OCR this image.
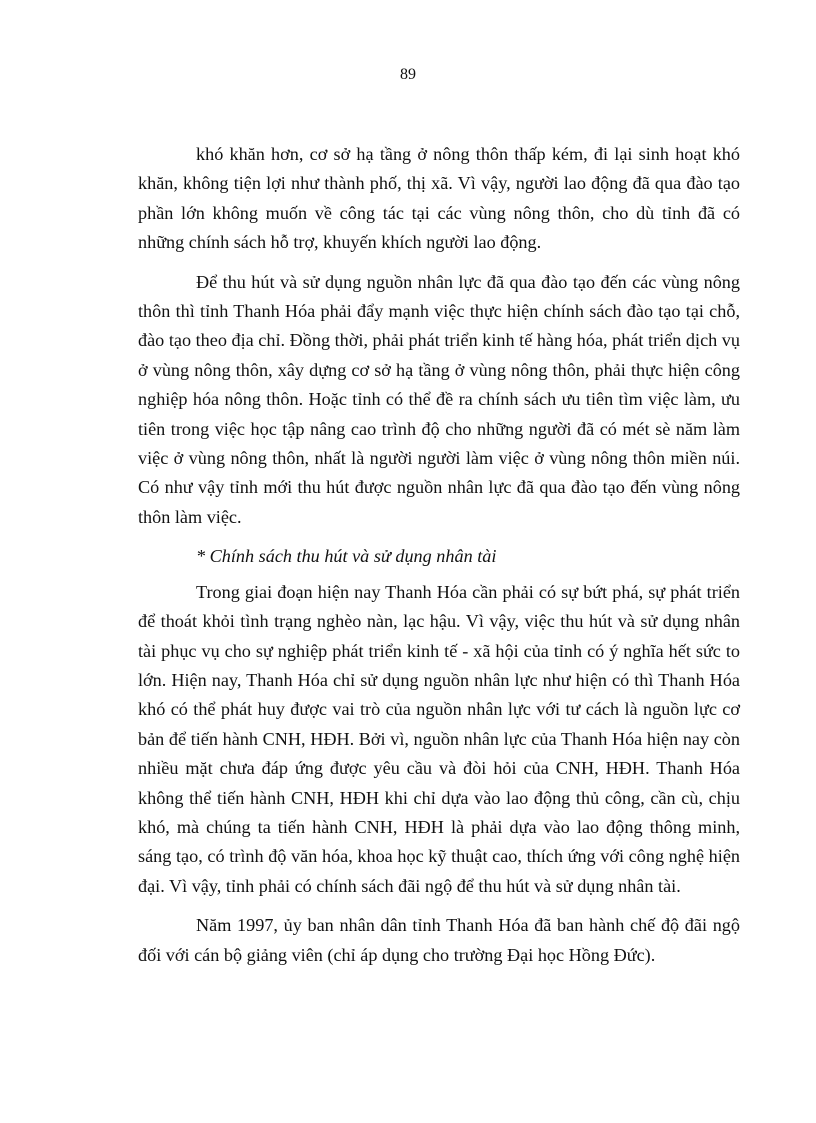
89

khó khăn hơn, cơ sở hạ tầng ở nông thôn thấp kém, đi lại sinh hoạt khó khăn, không tiện lợi như thành phố, thị xã. Vì vậy, người lao động đã qua đào tạo phần lớn không muốn về công tác tại các vùng nông thôn, cho dù tỉnh đã có những chính sách hỗ trợ, khuyến khích người lao động.

Để thu hút và sử dụng nguồn nhân lực đã qua đào tạo đến các vùng nông thôn thì tỉnh Thanh Hóa phải đẩy mạnh việc thực hiện chính sách đào tạo tại chỗ, đào tạo theo địa chỉ. Đồng thời, phải phát triển kinh tế hàng hóa, phát triển dịch vụ ở vùng nông thôn, xây dựng cơ sở hạ tầng ở vùng nông thôn, phải thực hiện công nghiệp hóa nông thôn. Hoặc tỉnh có thể đề ra chính sách ưu tiên tìm việc làm, ưu tiên trong việc học tập nâng cao trình độ cho những người đã có mét sè năm làm việc ở vùng nông thôn, nhất là người người làm việc ở vùng nông thôn miền núi. Có như vậy tỉnh mới thu hút được nguồn nhân lực đã qua đào tạo đến vùng nông thôn làm việc.

* Chính sách thu hút và sử dụng nhân tài

Trong giai đoạn hiện nay Thanh Hóa cần phải có sự bứt phá, sự phát triển để thoát khỏi tình trạng nghèo nàn, lạc hậu. Vì vậy, việc thu hút và sử dụng nhân tài phục vụ cho sự nghiệp phát triển kinh tế - xã hội của tỉnh có ý nghĩa hết sức to lớn. Hiện nay, Thanh Hóa chỉ sử dụng nguồn nhân lực như hiện có thì Thanh Hóa khó có thể phát huy được vai trò của nguồn nhân lực với tư cách là nguồn lực cơ bản để tiến hành CNH, HĐH. Bởi vì, nguồn nhân lực của Thanh Hóa hiện nay còn nhiều mặt chưa đáp ứng được yêu cầu và đòi hỏi của CNH, HĐH. Thanh Hóa không thể tiến hành CNH, HĐH khi chỉ dựa vào lao động thủ công, cần cù, chịu khó, mà chúng ta tiến hành CNH, HĐH là phải dựa vào lao động thông minh, sáng tạo, có trình độ văn hóa, khoa học kỹ thuật cao, thích ứng với công nghệ hiện đại. Vì vậy, tỉnh phải có chính sách đãi ngộ để thu hút và sử dụng nhân tài.

Năm 1997, ủy ban nhân dân tỉnh Thanh Hóa đã ban hành chế độ đãi ngộ đối với cán bộ giảng viên (chỉ áp dụng cho trường Đại học Hồng Đức).
